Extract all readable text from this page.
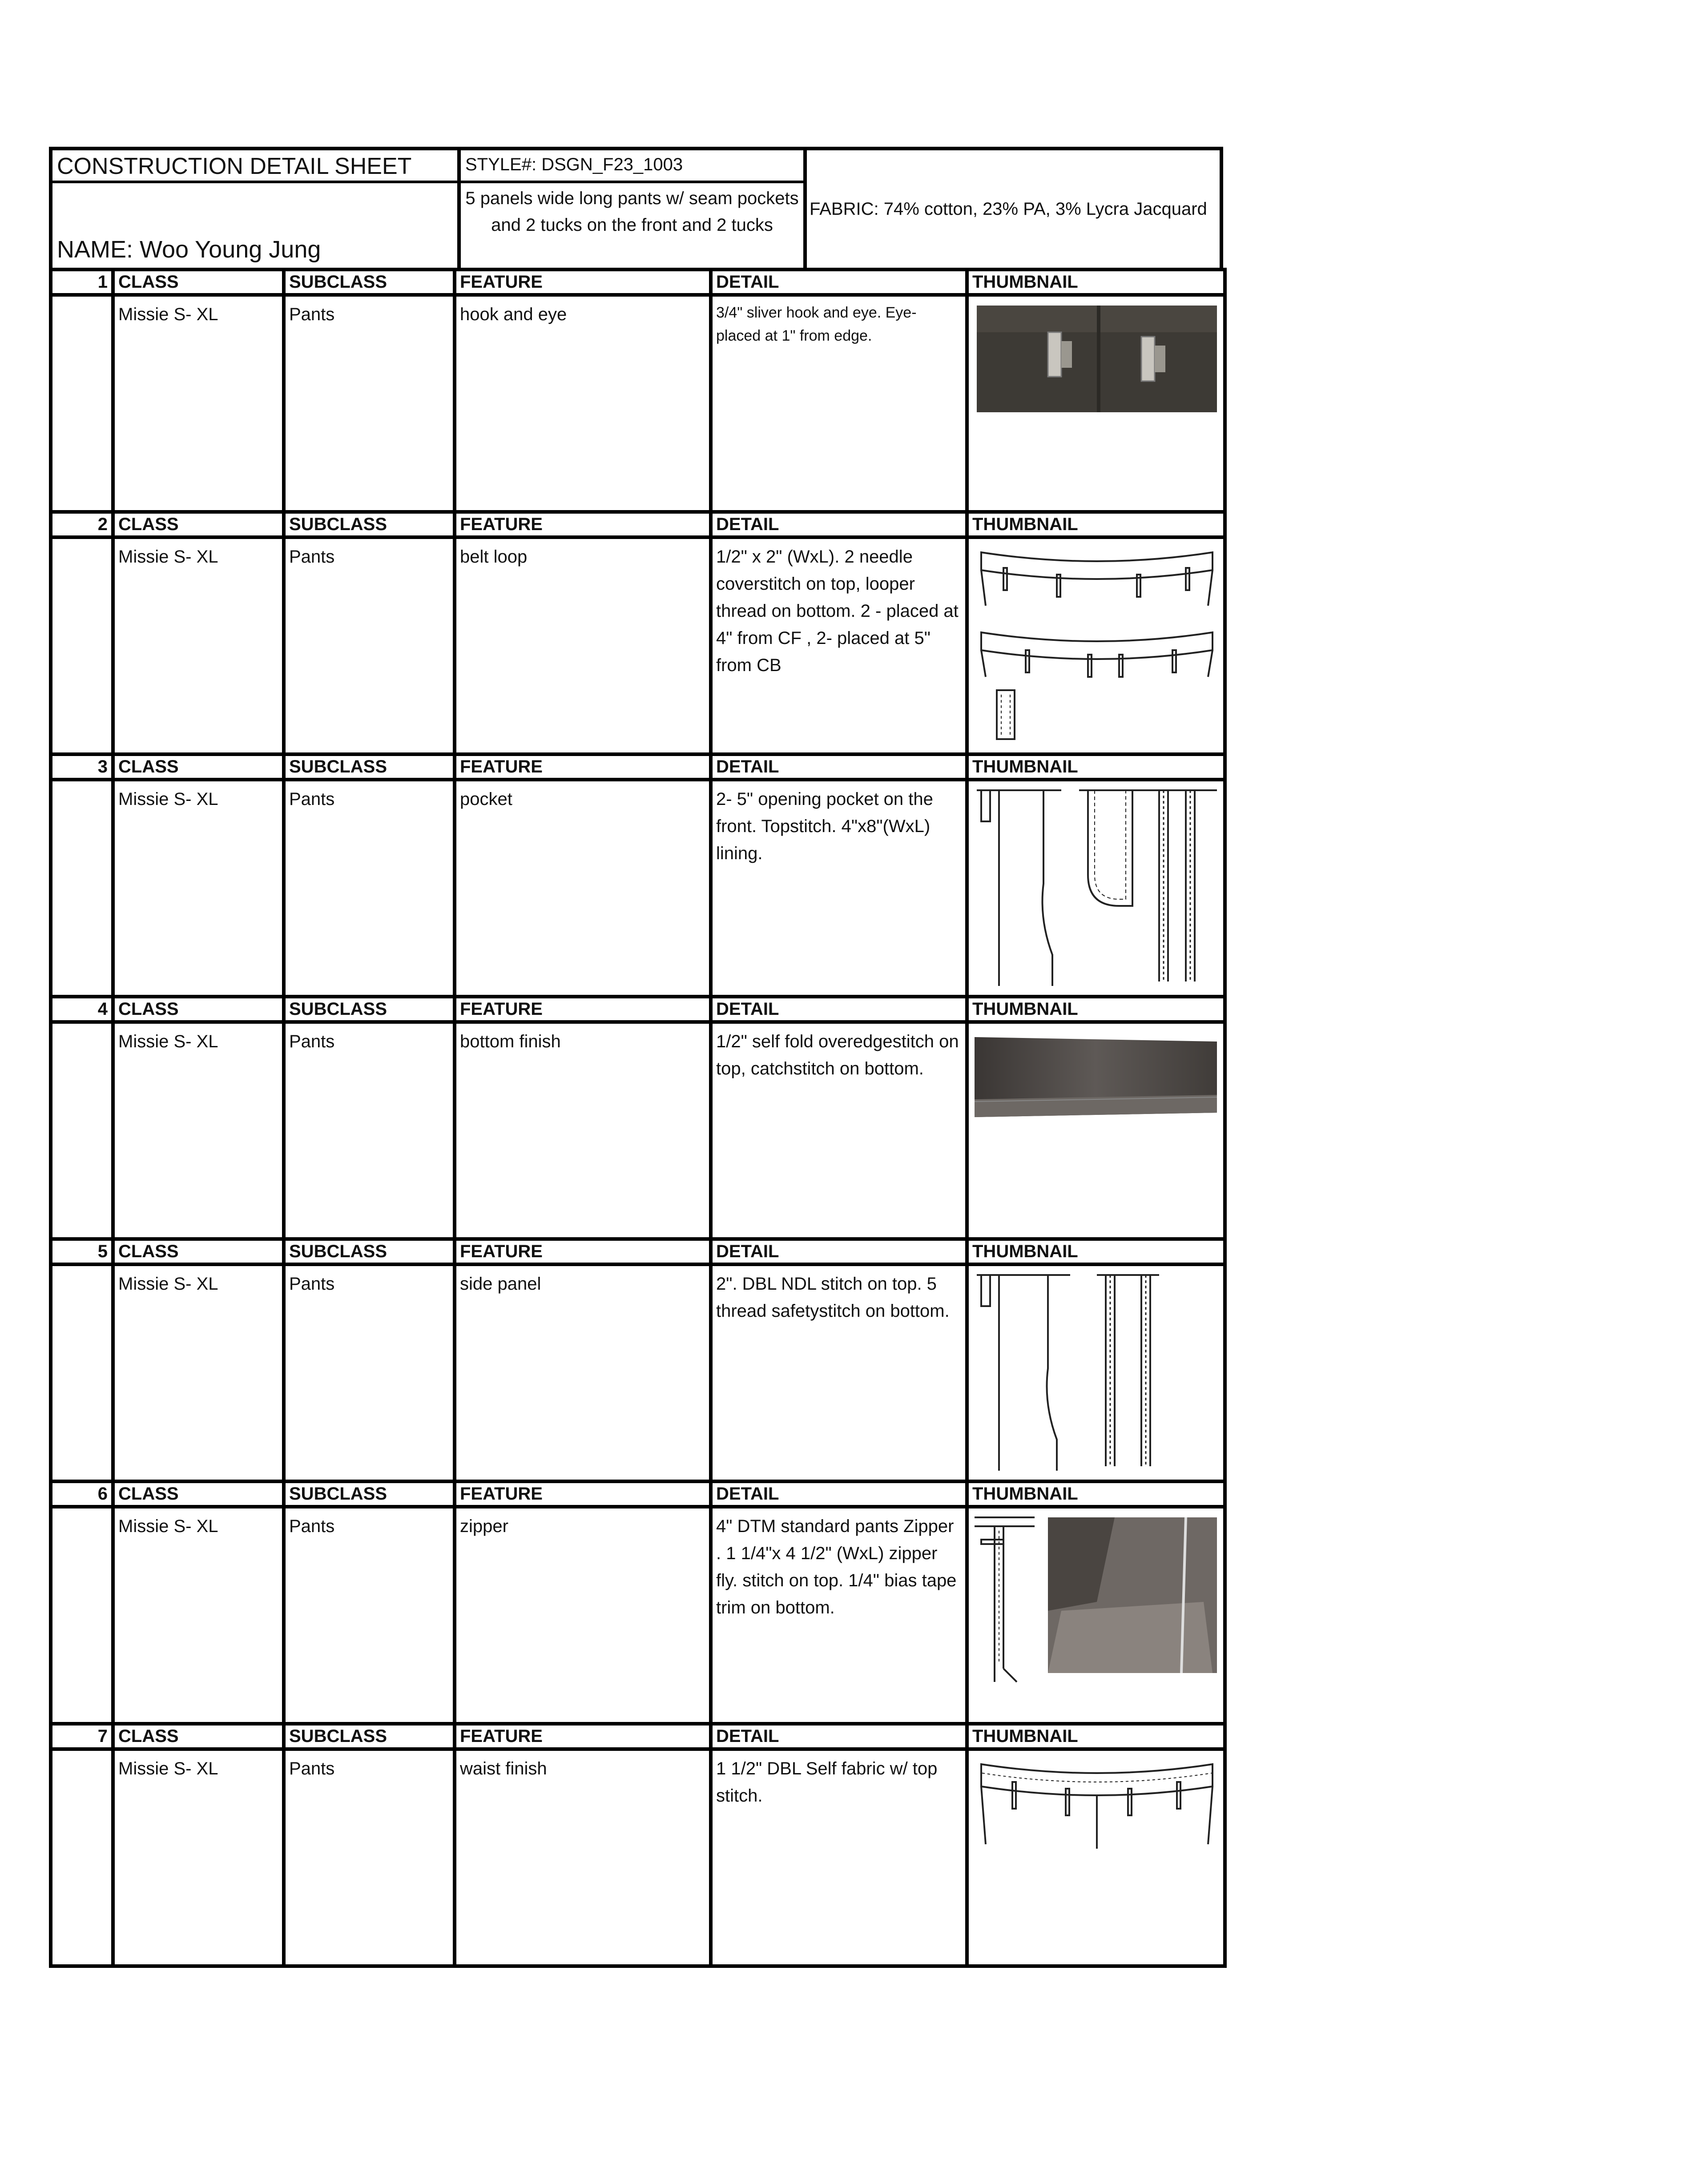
CONSTRUCTION DETAIL SHEET
NAME: Woo Young Jung

STYLE#: DSGN_F23_1003
5 panels wide long pants w/ seam pockets and 2 tucks on the front and 2 tucks
	FABRIC: 74% cotton, 23% PA, 3% Lycra Jacquard
1	CLASS	SUBCLASS	FEATURE	DETAIL	THUMBNAIL
	Missie S- XL	Pants	hook and eye	3/4" sliver hook and eye. Eye- placed at 1" from edge.	

2	CLASS	SUBCLASS	FEATURE	DETAIL	THUMBNAIL
	Missie S- XL	Pants	belt loop	1/2" x 2" (WxL). 2 needle coverstitch on top, looper thread on bottom. 2 - placed at 4" from CF , 2- placed at 5" from CB	

3	CLASS	SUBCLASS	FEATURE	DETAIL	THUMBNAIL
	Missie S- XL	Pants	pocket	2- 5" opening pocket on the front. Topstitch. 4"x8"(WxL) lining.	

4	CLASS	SUBCLASS	FEATURE	DETAIL	THUMBNAIL
	Missie S- XL	Pants	bottom finish	1/2" self fold overedgestitch on top, catchstitch on bottom.	

5	CLASS	SUBCLASS	FEATURE	DETAIL	THUMBNAIL
	Missie S- XL	Pants	side panel	2". DBL NDL stitch on top. 5 thread safetystitch on bottom.	

6	CLASS	SUBCLASS	FEATURE	DETAIL	THUMBNAIL
	Missie S- XL	Pants	zipper	4" DTM standard pants Zipper . 1 1/4"x 4 1/2" (WxL) zipper fly. stitch on top. 1/4" bias tape trim on bottom.	

7	CLASS	SUBCLASS	FEATURE	DETAIL	THUMBNAIL
	Missie S- XL	Pants	waist finish	1 1/2" DBL Self fabric w/ top stitch.	
